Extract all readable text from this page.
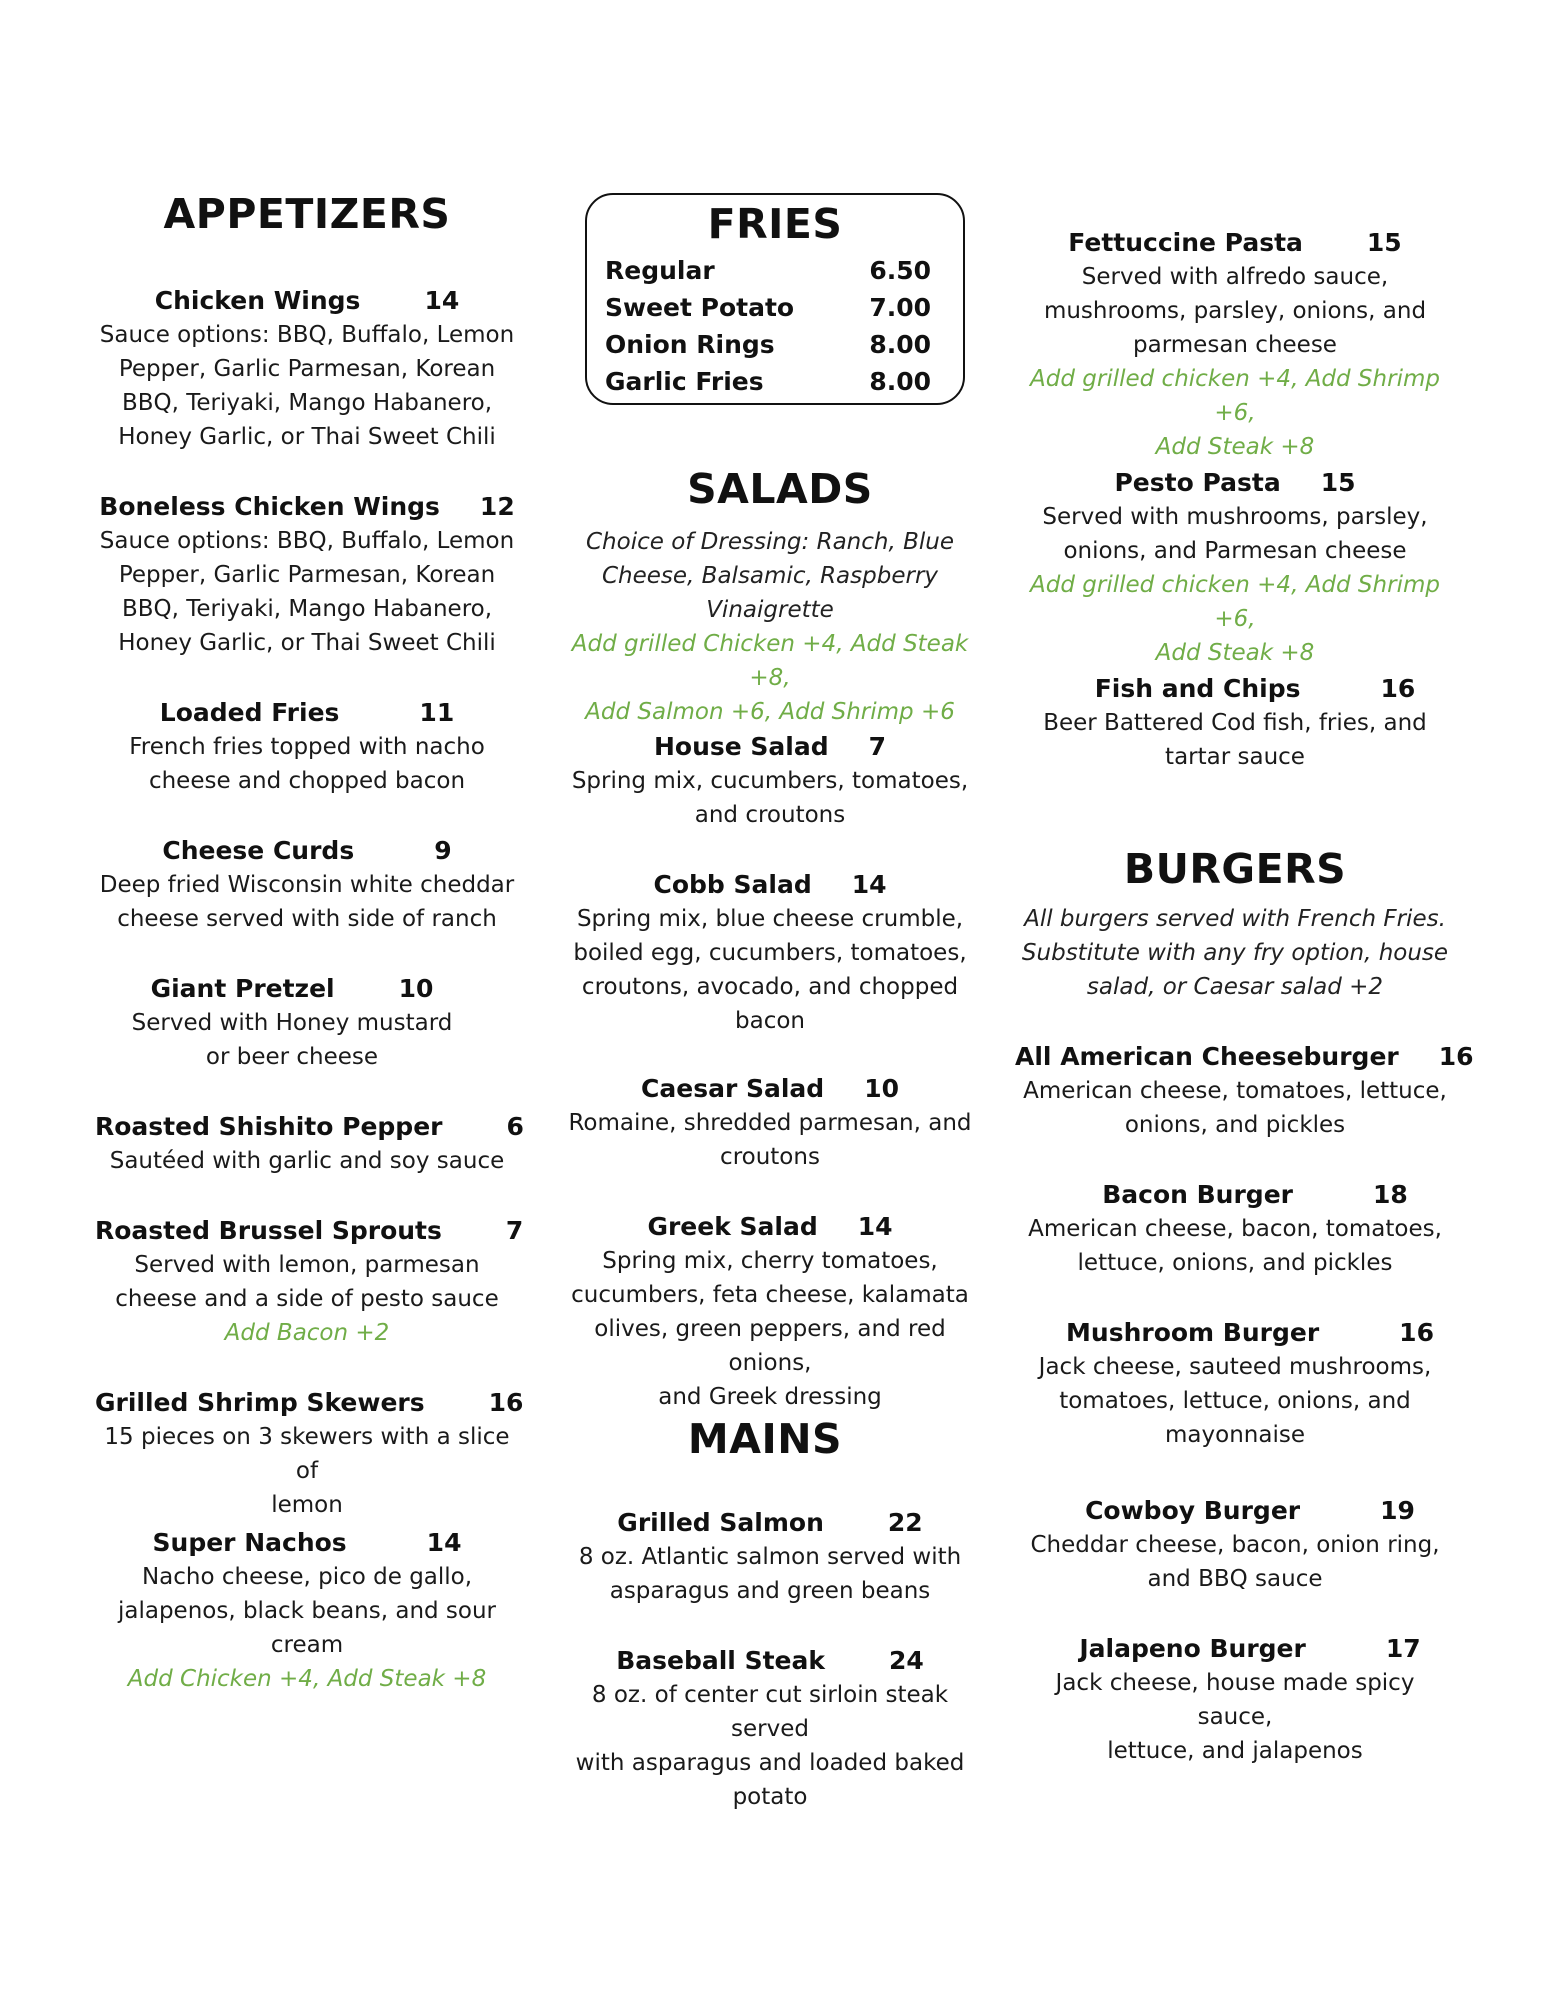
APPETIZERS
Chicken Wings	14
Sauce options: BBQ, Buffalo, Lemon
Pepper, Garlic Parmesan, Korean
BBQ, Teriyaki, Mango Habanero,
Honey Garlic, or Thai Sweet Chili
Boneless Chicken Wings 12
Sauce options: BBQ, Buffalo, Lemon
Pepper, Garlic Parmesan, Korean
BBQ, Teriyaki, Mango Habanero,
Honey Garlic, or Thai Sweet Chili
Loaded Fries	11
French fries topped with nacho
cheese and chopped bacon
Cheese Curds	9
Deep fried Wisconsin white cheddar
cheese served with side of ranch
Giant Pretzel	10
Served with Honey mustard
or beer cheese
Roasted Shishito Pepper	6
Sautéed with garlic and soy sauce
Roasted Brussel Sprouts	7
Served with lemon, parmesan
cheese and a side of pesto sauce
Add Bacon +2
Grilled Shrimp Skewers	16
15 pieces on 3 skewers with a slice of
lemon
Super Nachos	14
Nacho cheese, pico de gallo,
jalapenos, black beans, and sour
cream
Add Chicken +4, Add Steak +8
FRIES
Regular	6.50
Sweet Potato	7.00
Onion Rings	8.00
Garlic Fries	8.00
SALADS
Choice of Dressing: Ranch, Blue
Cheese, Balsamic, Raspberry
Vinaigrette
Add grilled Chicken +4, Add Steak +8,
Add Salmon +6, Add Shrimp +6
House Salad 7
Spring mix, cucumbers, tomatoes,
and croutons
Cobb Salad 14
Spring mix, blue cheese crumble,
boiled egg, cucumbers, tomatoes,
croutons, avocado, and chopped
bacon
Caesar Salad 10
Romaine, shredded parmesan, and
croutons
Greek Salad 14
Spring mix, cherry tomatoes,
cucumbers, feta cheese, kalamata
olives, green peppers, and red onions,
and Greek dressing
MAINS
Grilled Salmon	22
8 oz. Atlantic salmon served with
asparagus and green beans
Baseball Steak	24
8 oz. of center cut sirloin steak served
with asparagus and loaded baked
potato
Fettuccine Pasta	15
Served with alfredo sauce,
mushrooms, parsley, onions, and
parmesan cheese
Add grilled chicken +4, Add Shrimp +6,
Add Steak +8
Pesto Pasta 15
Served with mushrooms, parsley,
onions, and Parmesan cheese
Add grilled chicken +4, Add Shrimp +6,
Add Steak +8
Fish and Chips	16
Beer Battered Cod fish, fries, and
tartar sauce
BURGERS
All burgers served with French Fries.
Substitute with any fry option, house
salad, or Caesar salad +2
All American Cheeseburger 16
American cheese, tomatoes, lettuce,
onions, and pickles
Bacon Burger	18
American cheese, bacon, tomatoes,
lettuce, onions, and pickles
Mushroom Burger	16
Jack cheese, sauteed mushrooms,
tomatoes, lettuce, onions, and
mayonnaise
Cowboy Burger	19
Cheddar cheese, bacon, onion ring,
and BBQ sauce
Jalapeno Burger	17
Jack cheese, house made spicy sauce,
lettuce, and jalapenos
